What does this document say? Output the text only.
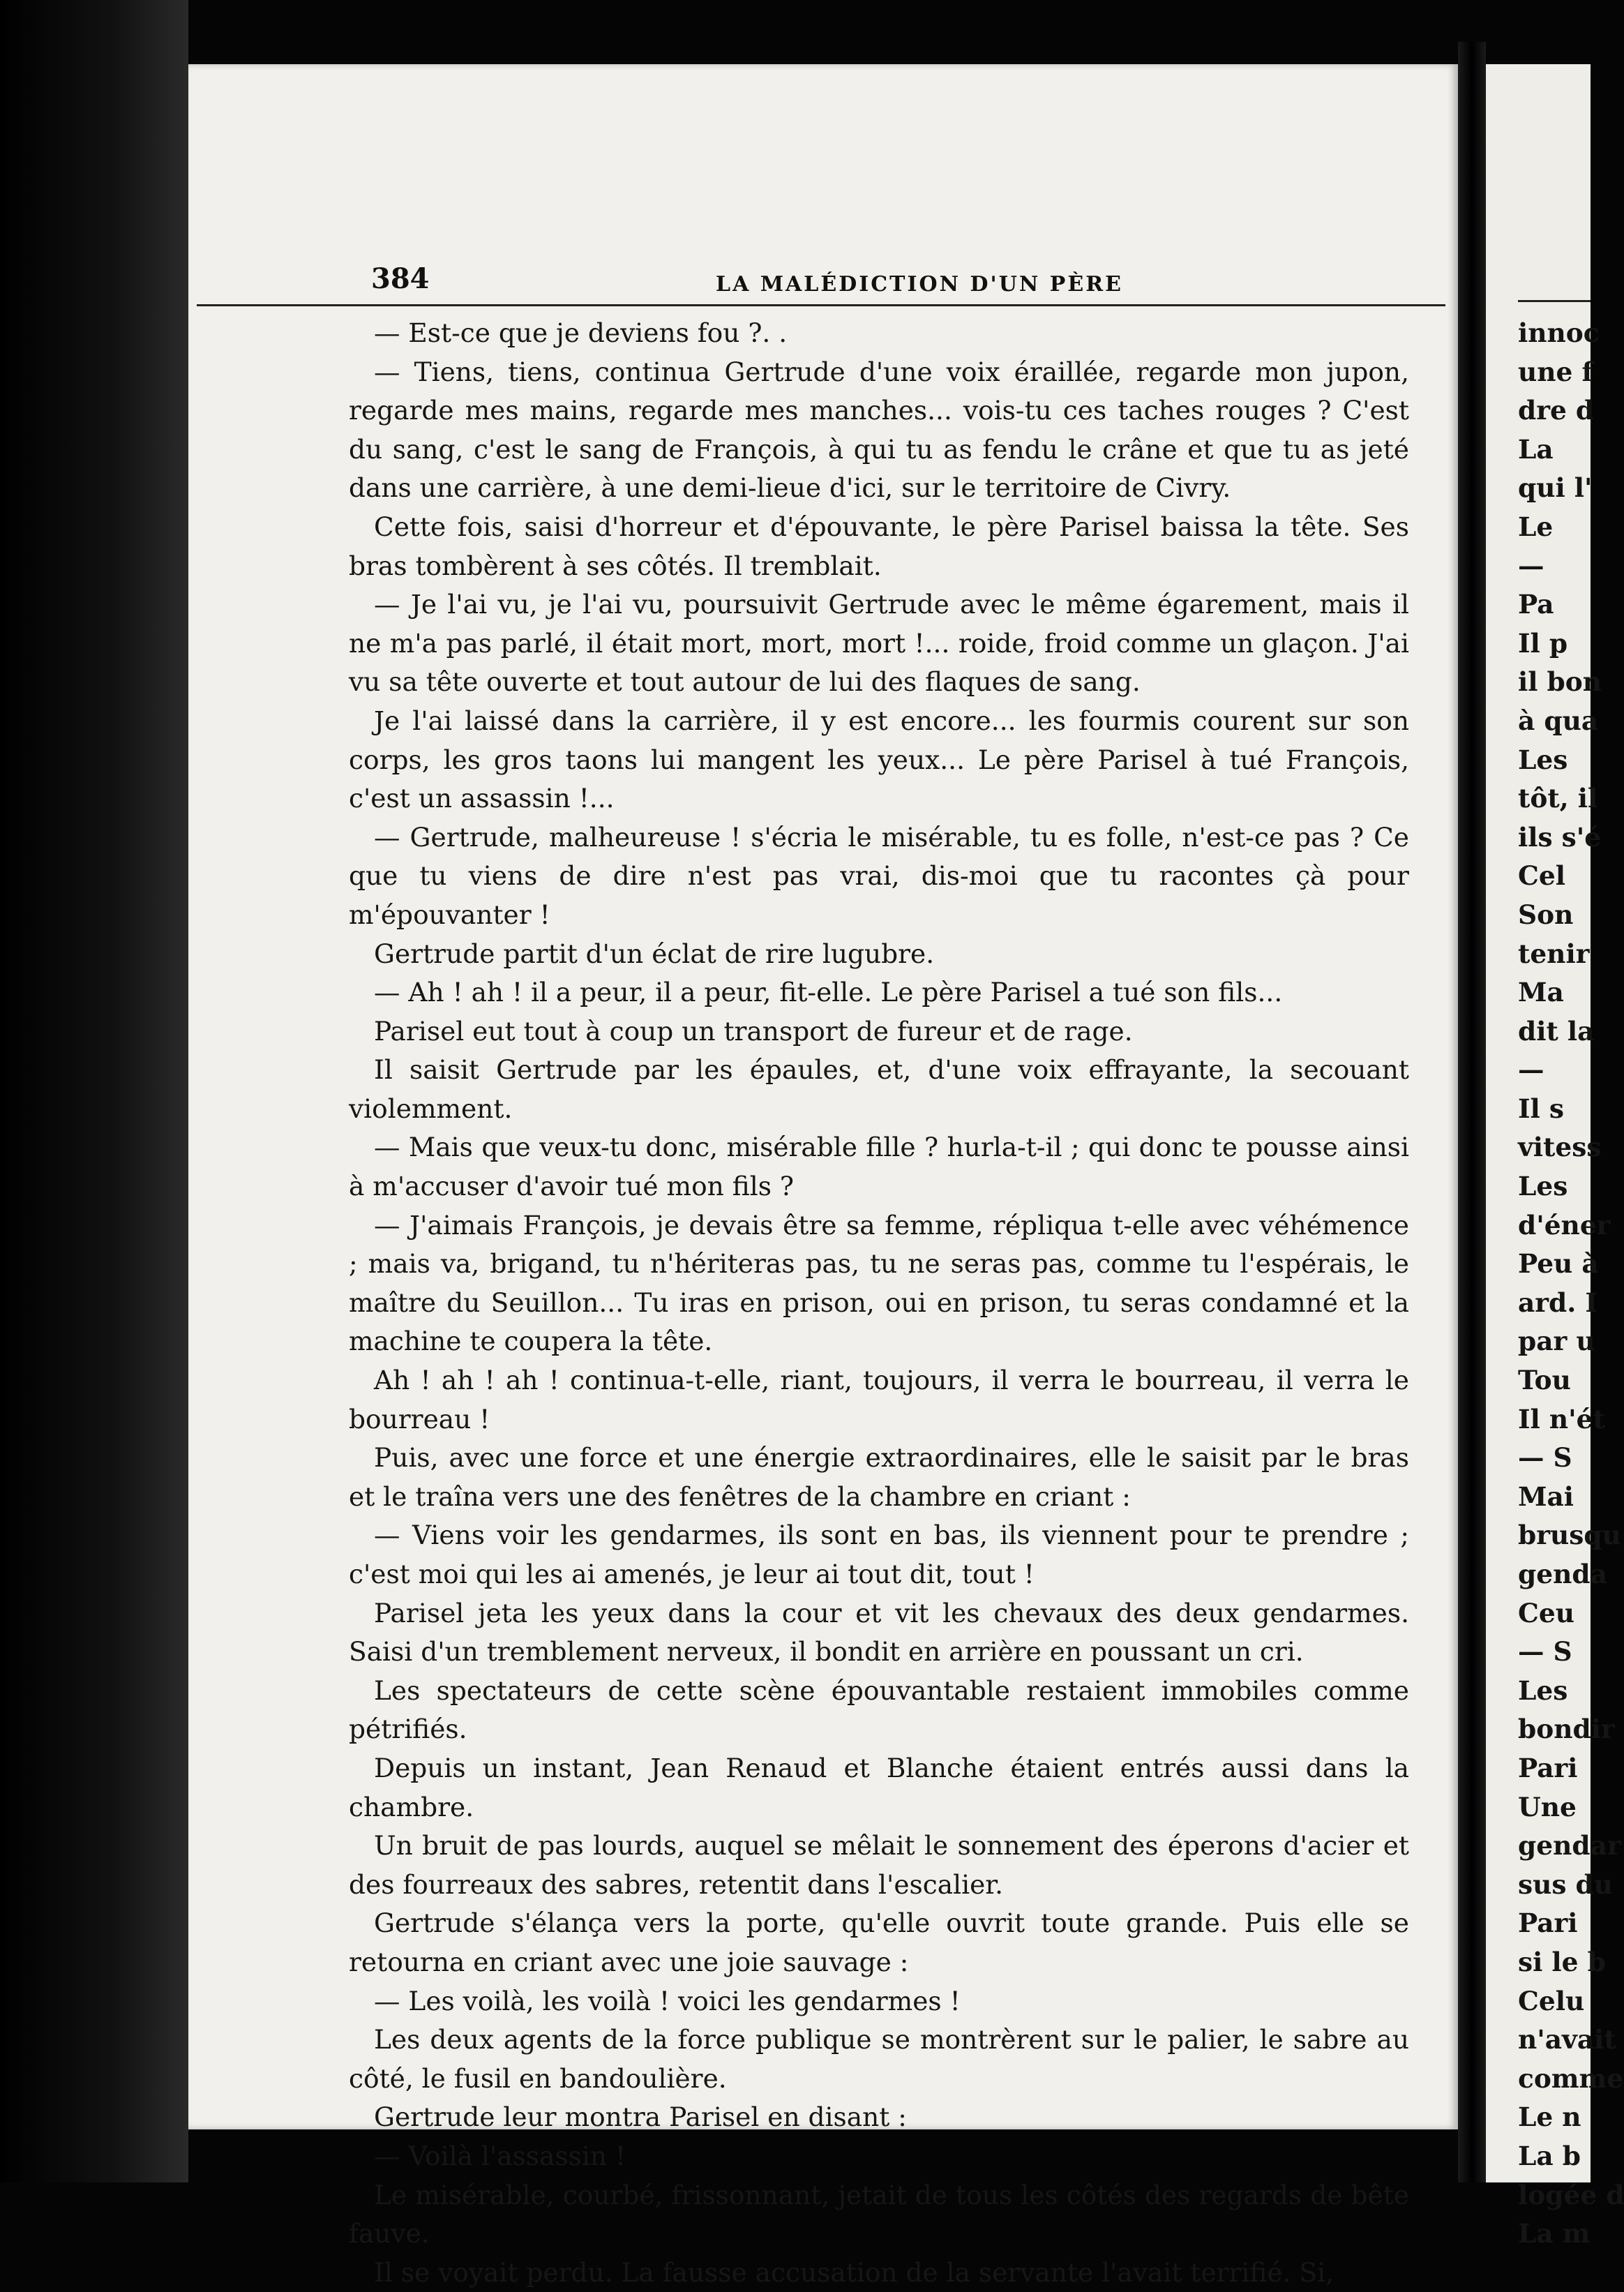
384	LA MALÉDICTION D'UN PÈRE

— Est-ce que je deviens fou ?. .

— Tiens, tiens, continua Gertrude d'une voix éraillée, regarde mon jupon, regarde mes mains, regarde mes manches... vois-tu ces taches rouges ? C'est du sang, c'est le sang de François, à qui tu as fendu le crâne et que tu as jeté dans une carrière, à une demi-lieue d'ici, sur le territoire de Civry.

Cette fois, saisi d'horreur et d'épouvante, le père Parisel baissa la tête. Ses bras tombèrent à ses côtés. Il tremblait.

— Je l'ai vu, je l'ai vu, poursuivit Gertrude avec le même égarement, mais il ne m'a pas parlé, il était mort, mort, mort !... roide, froid comme un glaçon. J'ai vu sa tête ouverte et tout autour de lui des flaques de sang.

Je l'ai laissé dans la carrière, il y est encore... les fourmis courent sur son corps, les gros taons lui mangent les yeux... Le père Parisel à tué François, c'est un assassin !...

— Gertrude, malheureuse ! s'écria le misérable, tu es folle, n'est-ce pas ? Ce que tu viens de dire n'est pas vrai, dis-moi que tu racontes çà pour m'épouvanter !

Gertrude partit d'un éclat de rire lugubre.

— Ah ! ah ! il a peur, il a peur, fit-elle. Le père Parisel a tué son fils...

Parisel eut tout à coup un transport de fureur et de rage.

Il saisit Gertrude par les épaules, et, d'une voix effrayante, la secouant violemment.

— Mais que veux-tu donc, misérable fille ? hurla-t-il ; qui donc te pousse ainsi à m'accuser d'avoir tué mon fils ?

— J'aimais François, je devais être sa femme, répliqua t-elle avec véhémence ; mais va, brigand, tu n'hériteras pas, tu ne seras pas, comme tu l'espérais, le maître du Seuillon... Tu iras en prison, oui en prison, tu seras condamné et la machine te coupera la tête.

Ah ! ah ! ah ! continua-t-elle, riant, toujours, il verra le bourreau, il verra le bourreau !

Puis, avec une force et une énergie extraordinaires, elle le saisit par le bras et le traîna vers une des fenêtres de la chambre en criant :

— Viens voir les gendarmes, ils sont en bas, ils viennent pour te prendre ; c'est moi qui les ai amenés, je leur ai tout dit, tout !

Parisel jeta les yeux dans la cour et vit les chevaux des deux gendarmes. Saisi d'un tremblement nerveux, il bondit en arrière en poussant un cri.

Les spectateurs de cette scène épouvantable restaient immobiles comme pétrifiés.

Depuis un instant, Jean Renaud et Blanche étaient entrés aussi dans la chambre.

Un bruit de pas lourds, auquel se mêlait le sonnement des éperons d'acier et des fourreaux des sabres, retentit dans l'escalier.

Gertrude s'élança vers la porte, qu'elle ouvrit toute grande. Puis elle se retourna en criant avec une joie sauvage :

— Les voilà, les voilà ! voici les gendarmes !

Les deux agents de la force publique se montrèrent sur le palier, le sabre au côté, le fusil en bandoulière.

Gertrude leur montra Parisel en disant :

— Voilà l'assassin !

Le misérable, courbé, frissonnant, jetait de tous les côtés des regards de bête fauve.

Il se voyait perdu. La fausse accusation de la servante l'avait terrifié. Si,

innoc
une f
dre d
La
qui l'
Le
—
Pa
Il p
il bon
à qua
Les
tôt, il
ils s'é
Cel
Son
tenir
Ma
dit la
—
Il s
vitess
Les
d'éner
Peu à
ard. I
par u
Tou
Il n'ét
— S
Mai
brusqu
genda
Ceu
— S
Les
bondir
Pari
Une
gendar
sus du
Pari
si le b
Celu
n'avait
comme
Le n
La b
logée d
La m
